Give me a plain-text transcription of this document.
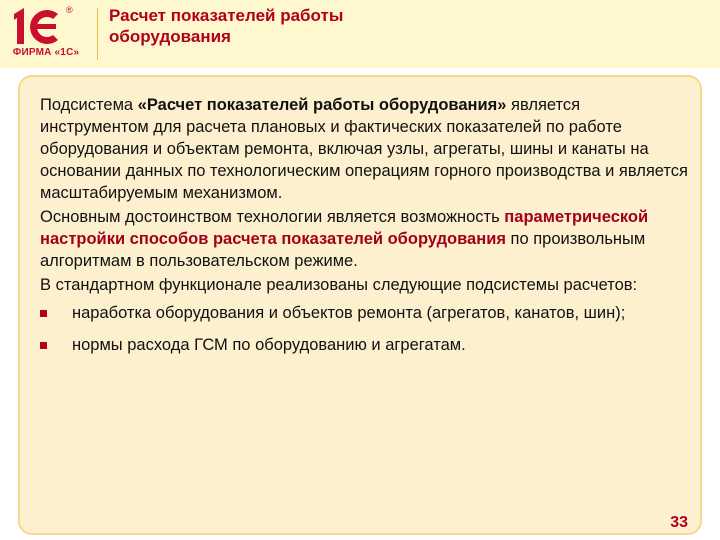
®
ФИРМА «1С»
Расчет показателей работы
оборудования

Подсистема «Расчет показателей работы оборудования» является инструментом для расчета плановых и фактических показателей по работе оборудования и объектам ремонта, включая узлы, агрегаты, шины и канаты на основании данных по технологическим операциям горного производства и является масштабируемым механизмом.

Основным достоинством технологии является возможность параметрической настройки способов расчета показателей оборудования по произвольным алгоритмам в пользовательском режиме.

В стандартном функционале реализованы следующие подсистемы расчетов:

наработка оборудования и объектов ремонта (агрегатов, канатов, шин);
нормы расхода ГСМ по оборудованию и агрегатам.
33
